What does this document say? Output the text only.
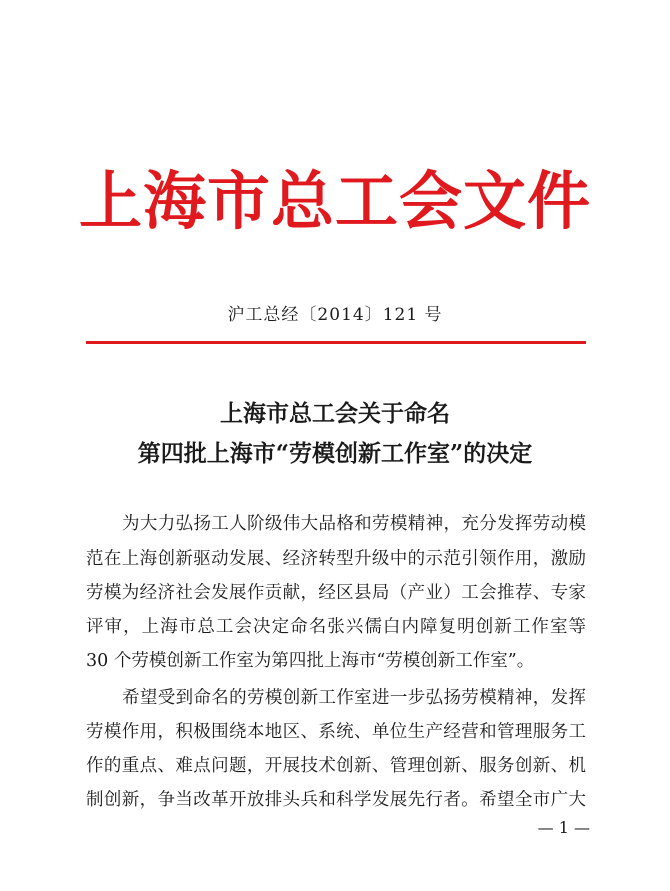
上海市总工会文件
沪工总经〔2014〕121 号
上海市总工会关于命名
第四批上海市“劳模创新工作室”的决定
为大力弘扬工人阶级伟大品格和劳模精神，充分发挥劳动模
范在上海创新驱动发展、经济转型升级中的示范引领作用，激励
劳模为经济社会发展作贡献，经区县局（产业）工会推荐、专家
评审，上海市总工会决定命名张兴儒白内障复明创新工作室等
30 个劳模创新工作室为第四批上海市“劳模创新工作室”。
希望受到命名的劳模创新工作室进一步弘扬劳模精神，发挥
劳模作用，积极围绕本地区、系统、单位生产经营和管理服务工
作的重点、难点问题，开展技术创新、管理创新、服务创新、机
制创新，争当改革开放排头兵和科学发展先行者。希望全市广大
— 1 —
